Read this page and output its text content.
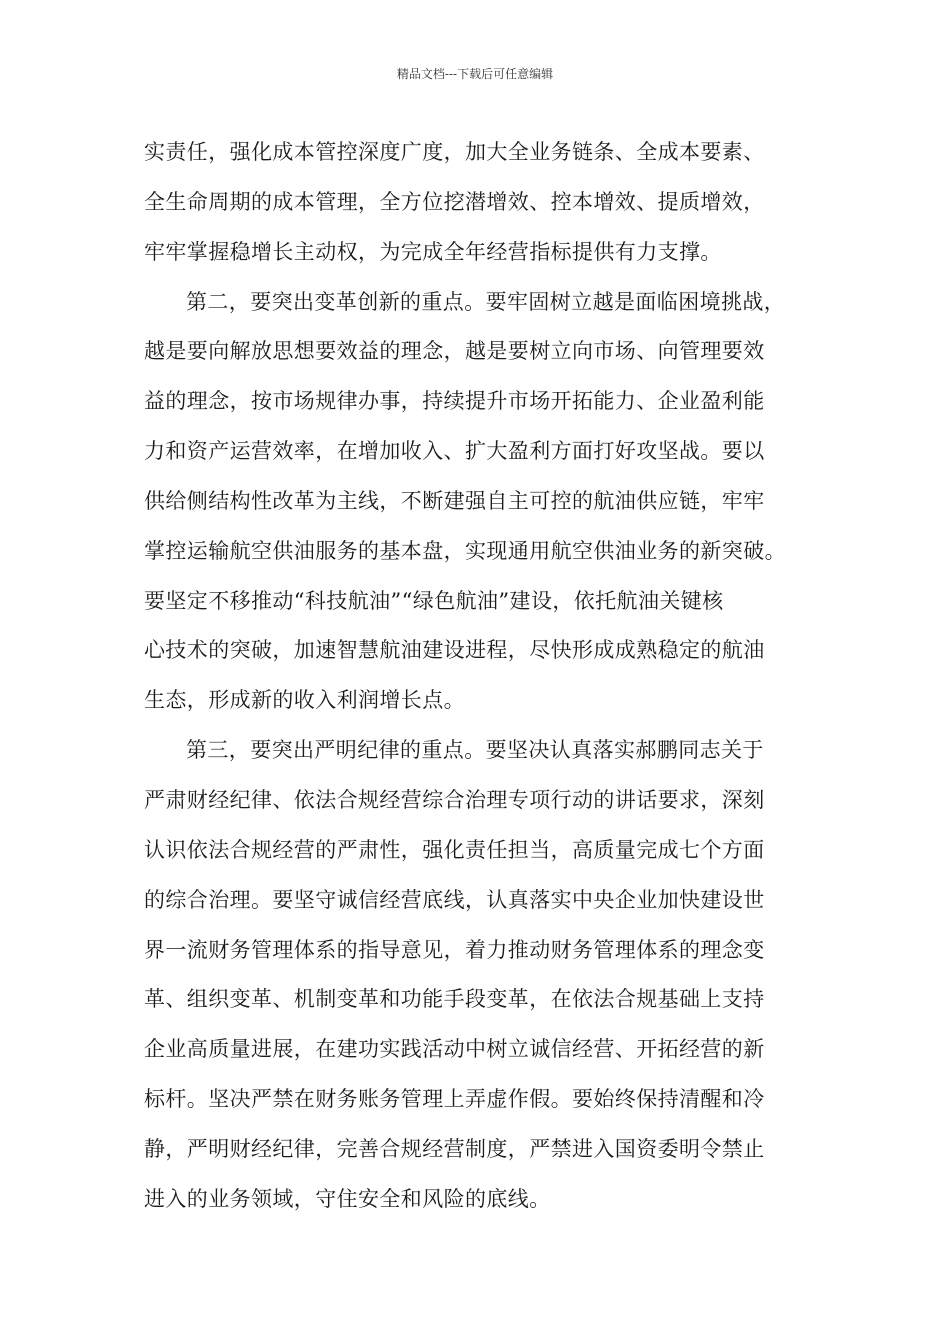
精品文档---下载后可任意编辑
实责任，强化成本管控深度广度，加大全业务链条、全成本要素、
全生命周期的成本管理，全方位挖潜增效、控本增效、提质增效，
牢牢掌握稳增长主动权，为完成全年经营指标提供有力支撑。
第二，要突出变革创新的重点。要牢固树立越是面临困境挑战，
越是要向解放思想要效益的理念，越是要树立向市场、向管理要效
益的理念，按市场规律办事，持续提升市场开拓能力、企业盈利能
力和资产运营效率，在增加收入、扩大盈利方面打好攻坚战。要以
供给侧结构性改革为主线，不断建强自主可控的航油供应链，牢牢
掌控运输航空供油服务的基本盘，实现通用航空供油业务的新突破。
要坚定不移推动“科技航油”“绿色航油”建设，依托航油关键核
心技术的突破，加速智慧航油建设进程，尽快形成成熟稳定的航油
生态，形成新的收入利润增长点。
第三，要突出严明纪律的重点。要坚决认真落实郝鹏同志关于
严肃财经纪律、依法合规经营综合治理专项行动的讲话要求，深刻
认识依法合规经营的严肃性，强化责任担当，高质量完成七个方面
的综合治理。要坚守诚信经营底线，认真落实中央企业加快建设世
界一流财务管理体系的指导意见，着力推动财务管理体系的理念变
革、组织变革、机制变革和功能手段变革，在依法合规基础上支持
企业高质量进展，在建功实践活动中树立诚信经营、开拓经营的新
标杆。坚决严禁在财务账务管理上弄虚作假。要始终保持清醒和冷
静，严明财经纪律，完善合规经营制度，严禁进入国资委明令禁止
进入的业务领域，守住安全和风险的底线。
